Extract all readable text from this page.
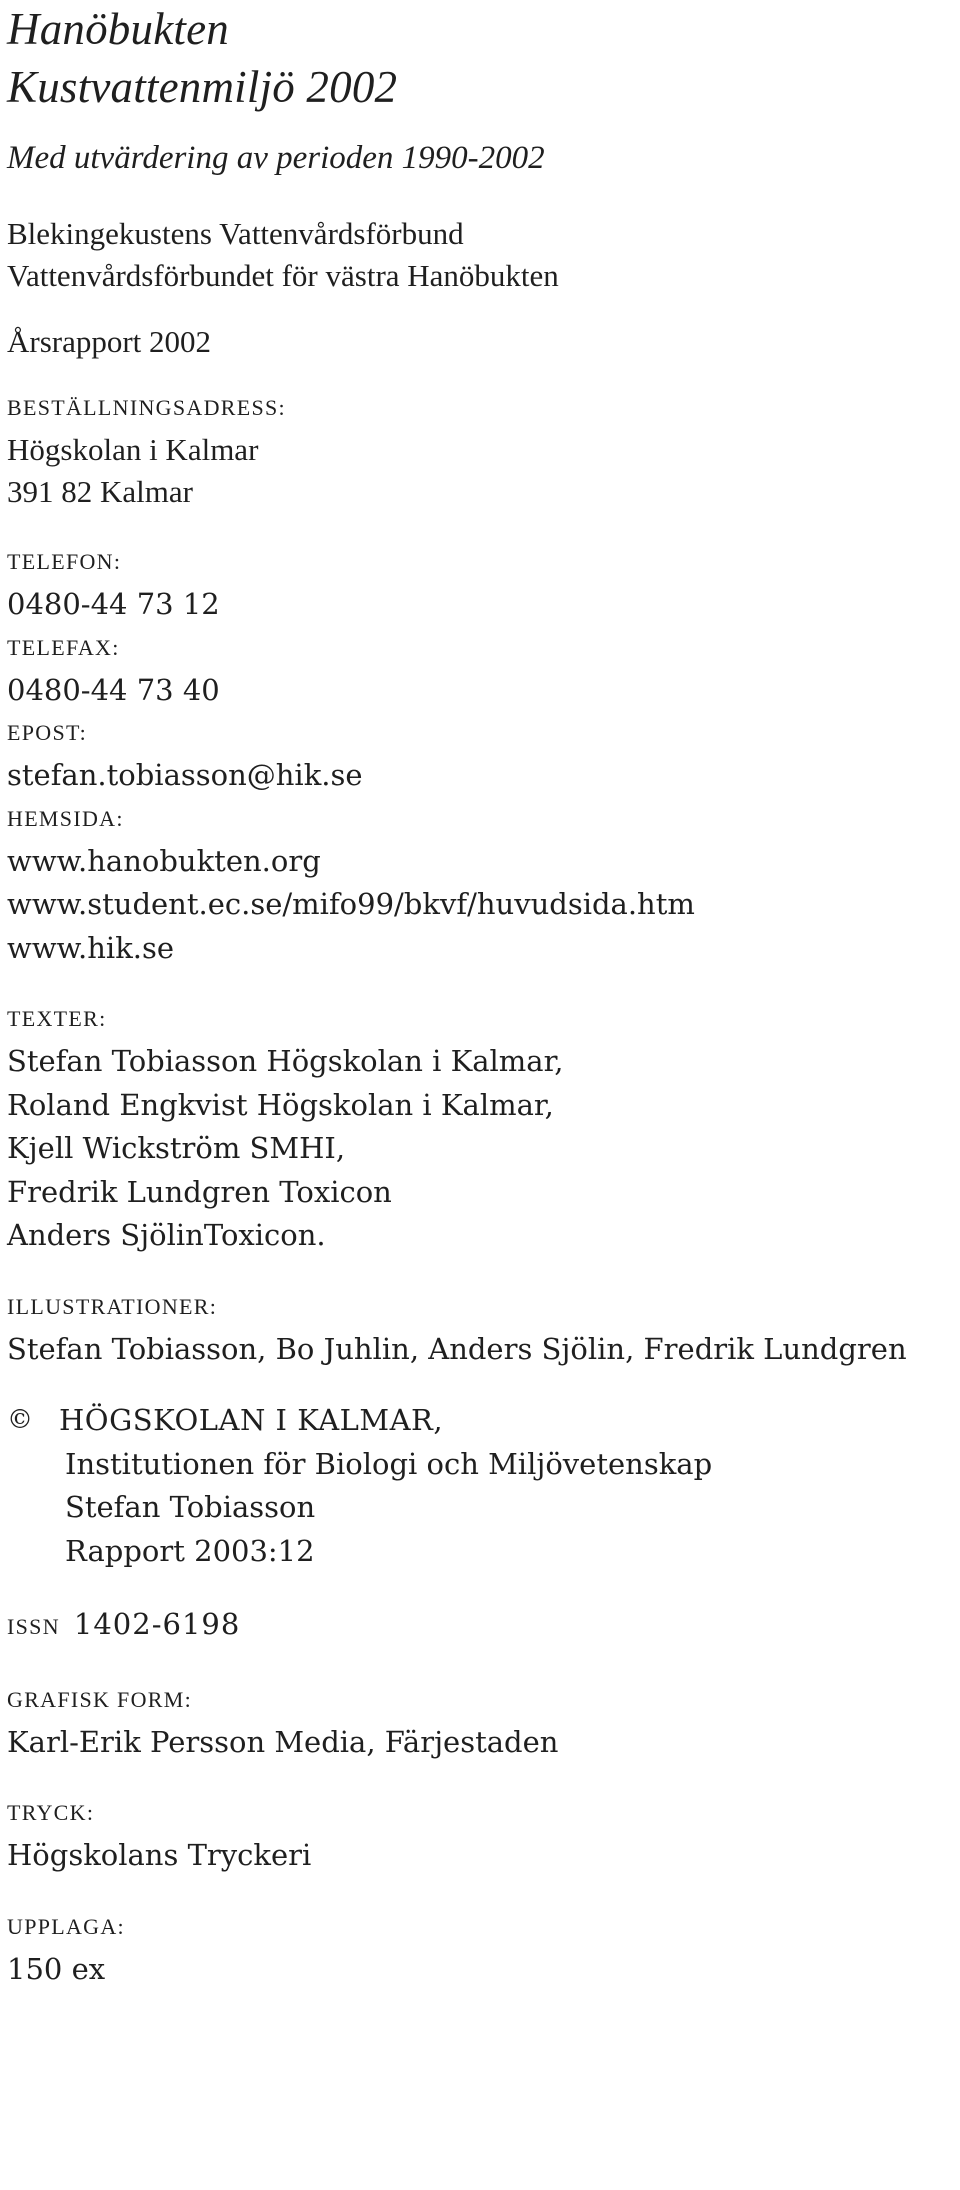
Hanöbukten
Kustvattenmiljö 2002

Med utvärdering av perioden 1990-2002

Blekingekustens Vattenvårdsförbund
Vattenvårdsförbundet för västra Hanöbukten
Årsrapport 2002
BESTÄLLNINGSADRESS:
Högskolan i Kalmar
391 82 Kalmar
TELEFON:
0480-44 73 12
TELEFAX:
0480-44 73 40
EPOST:
stefan.tobiasson@hik.se
HEMSIDA:
www.hanobukten.org
www.student.ec.se/mifo99/bkvf/huvudsida.htm
www.hik.se
TEXTER:
Stefan Tobiasson Högskolan i Kalmar,
Roland Engkvist Högskolan i Kalmar,
Kjell Wickström SMHI,
Fredrik Lundgren Toxicon
Anders SjölinToxicon.
ILLUSTRATIONER:
Stefan Tobiasson, Bo Juhlin, Anders Sjölin, Fredrik Lundgren
© HÖGSKOLAN I KALMAR,
Institutionen för Biologi och Miljövetenskap
Stefan Tobiasson
Rapport 2003:12
ISSN 1402-6198
GRAFISK FORM:
Karl-Erik Persson Media, Färjestaden
TRYCK:
Högskolans Tryckeri
UPPLAGA:
150 ex
